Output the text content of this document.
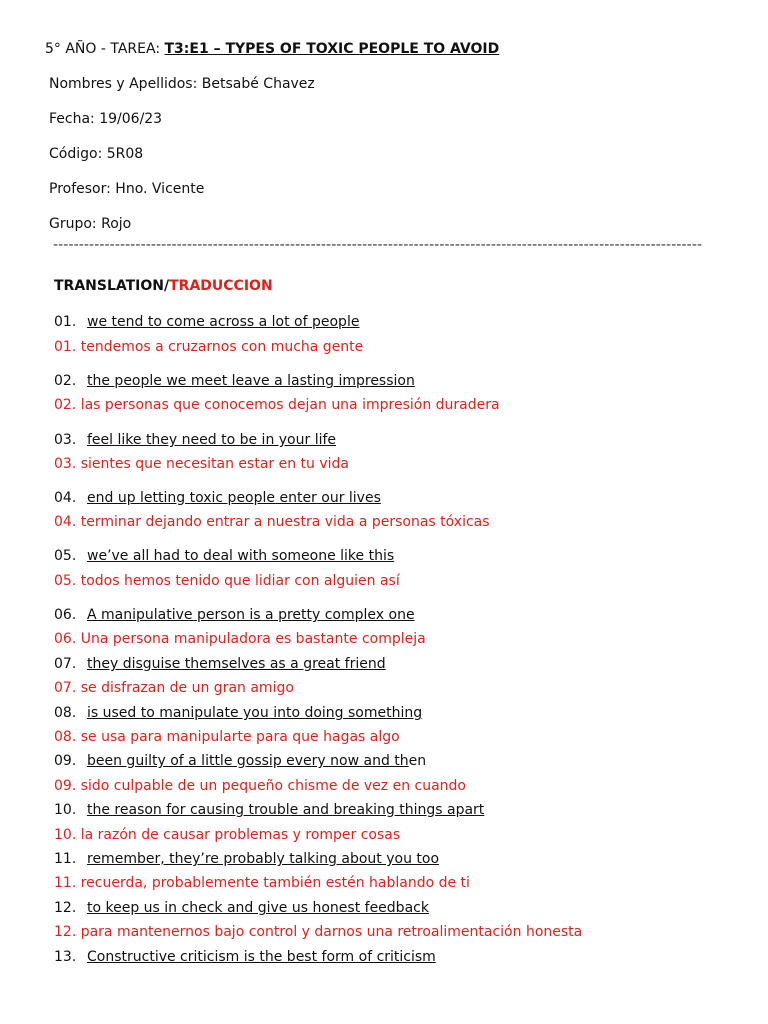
5° AÑO - TAREA: T3:E1 – TYPES OF TOXIC PEOPLE TO AVOID
Nombres y Apellidos: Betsabé Chavez
Fecha: 19/06/23
Código: 5R08
Profesor: Hno. Vicente
Grupo: Rojo
------------------------------------------------------------------------------------------------------------------------------
TRANSLATION/TRADUCCION
01. we tend to come across a lot of people
01. tendemos a cruzarnos con mucha gente
02. the people we meet leave a lasting impression
02. las personas que conocemos dejan una impresión duradera
03. feel like they need to be in your life
03. sientes que necesitan estar en tu vida
04. end up letting toxic people enter our lives
04. terminar dejando entrar a nuestra vida a personas tóxicas
05. we’ve all had to deal with someone like this
05. todos hemos tenido que lidiar con alguien así
06. A manipulative person is a pretty complex one
06. Una persona manipuladora es bastante compleja
07. they disguise themselves as a great friend
07. se disfrazan de un gran amigo
08. is used to manipulate you into doing something
08. se usa para manipularte para que hagas algo
09. been guilty of a little gossip every now and then
09. sido culpable de un pequeño chisme de vez en cuando
10. the reason for causing trouble and breaking things apart
10. la razón de causar problemas y romper cosas
11. remember, they’re probably talking about you too
11. recuerda, probablemente también estén hablando de ti
12. to keep us in check and give us honest feedback
12. para mantenernos bajo control y darnos una retroalimentación honesta
13. Constructive criticism is the best form of criticism
